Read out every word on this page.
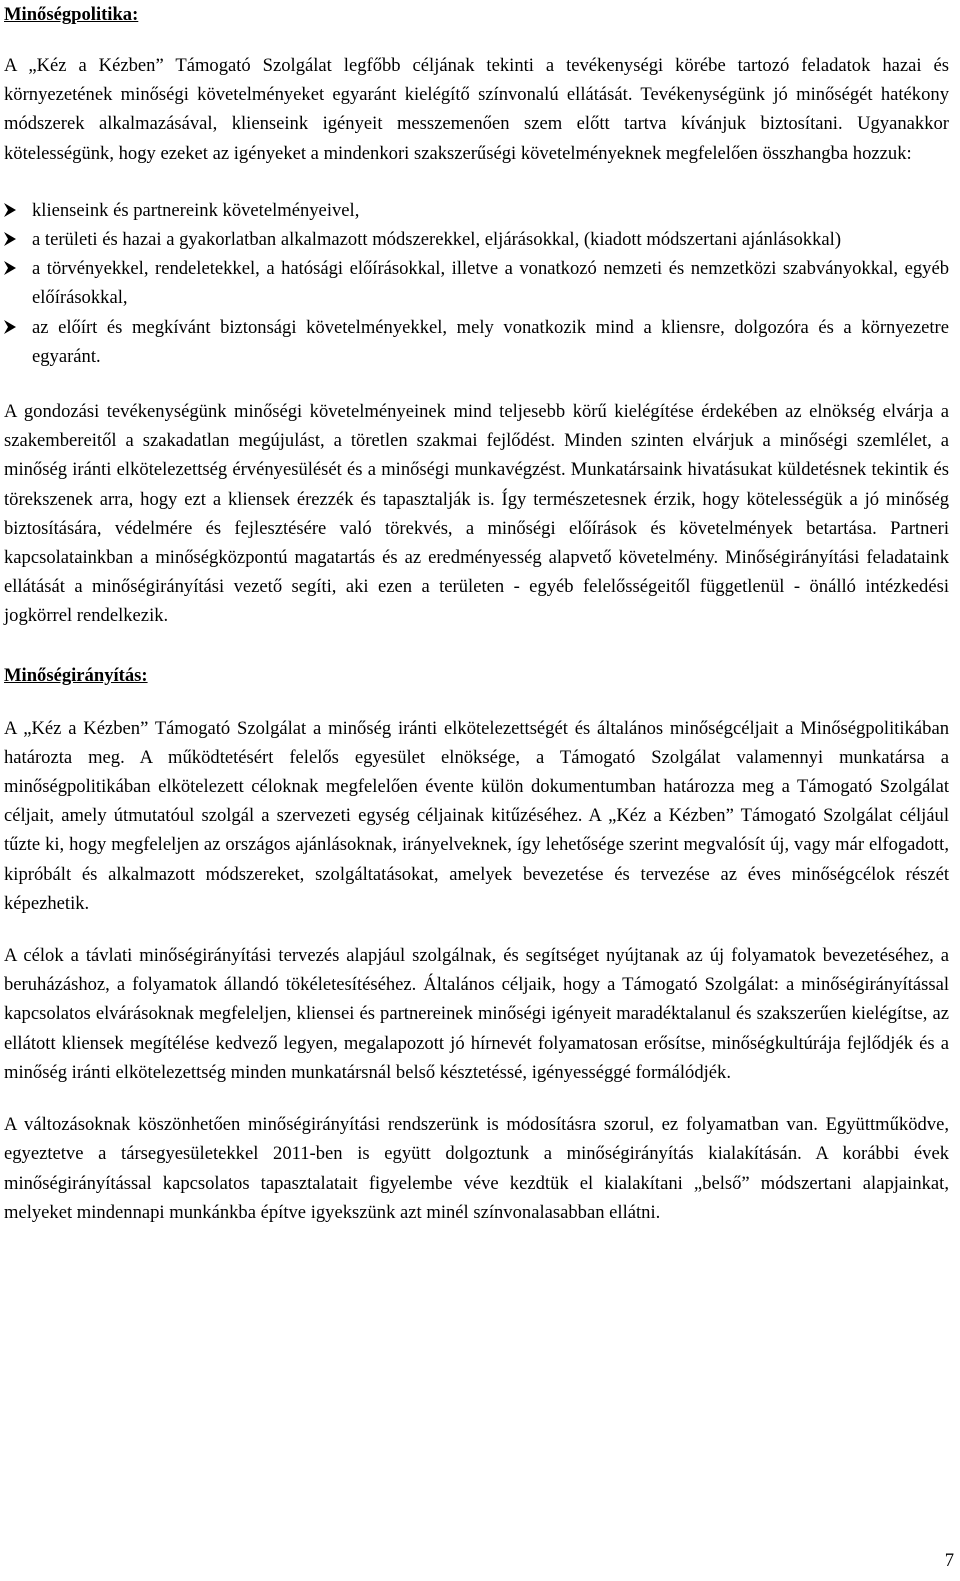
Minőségpolitika:

A „Kéz a Kézben” Támogató Szolgálat legfőbb céljának tekinti a tevékenységi körébe tartozó feladatok hazai és környezetének minőségi követelményeket egyaránt kielégítő színvonalú ellátását. Tevékenységünk jó minőségét hatékony módszerek alkalmazásával, klienseink igényeit messzemenően szem előtt tartva kívánjuk biztosítani. Ugyanakkor kötelességünk, hogy ezeket az igényeket a mindenkori szakszerűségi követelményeknek megfelelően összhangba hozzuk:

klienseink és partnereink követelményeivel,
a területi és hazai a gyakorlatban alkalmazott módszerekkel, eljárásokkal, (kiadott módszertani ajánlásokkal)
a törvényekkel, rendeletekkel, a hatósági előírásokkal, illetve a vonatkozó nemzeti és nemzetközi szabványokkal, egyéb előírásokkal,
az előírt és megkívánt biztonsági követelményekkel, mely vonatkozik mind a kliensre, dolgozóra és a környezetre egyaránt.

A gondozási tevékenységünk minőségi követelményeinek mind teljesebb körű kielégítése érdekében az elnökség elvárja a szakembereitől a szakadatlan megújulást, a töretlen szakmai fejlődést. Minden szinten elvárjuk a minőségi szemlélet, a minőség iránti elkötelezettség érvényesülését és a minőségi munkavégzést. Munkatársaink hivatásukat küldetésnek tekintik és törekszenek arra, hogy ezt a kliensek érezzék és tapasztalják is. Így természetesnek érzik, hogy kötelességük a jó minőség biztosítására, védelmére és fejlesztésére való törekvés, a minőségi előírások és követelmények betartása. Partneri kapcsolatainkban a minőségközpontú magatartás és az eredményesség alapvető követelmény. Minőségirányítási feladataink ellátását a minőségirányítási vezető segíti, aki ezen a területen - egyéb felelősségeitől függetlenül - önálló intézkedési jogkörrel rendelkezik.

Minőségirányítás:

A „Kéz a Kézben” Támogató Szolgálat a minőség iránti elkötelezettségét és általános minőségcéljait a Minőségpolitikában határozta meg. A működtetésért felelős egyesület elnöksége, a Támogató Szolgálat valamennyi munkatársa a minőségpolitikában elkötelezett céloknak megfelelően évente külön dokumentumban határozza meg a Támogató Szolgálat céljait, amely útmutatóul szolgál a szervezeti egység céljainak kitűzéséhez. A „Kéz a Kézben” Támogató Szolgálat céljául tűzte ki, hogy megfeleljen az országos ajánlásoknak, irányelveknek, így lehetősége szerint megvalósít új, vagy már elfogadott, kipróbált és alkalmazott módszereket, szolgáltatásokat, amelyek bevezetése és tervezése az éves minőségcélok részét képezhetik.

A célok a távlati minőségirányítási tervezés alapjául szolgálnak, és segítséget nyújtanak az új folyamatok bevezetéséhez, a beruházáshoz, a folyamatok állandó tökéletesítéséhez. Általános céljaik, hogy a Támogató Szolgálat: a minőségirányítással kapcsolatos elvárásoknak megfeleljen, kliensei és partnereinek minőségi igényeit maradéktalanul és szakszerűen kielégítse, az ellátott kliensek megítélése kedvező legyen, megalapozott jó hírnevét folyamatosan erősítse, minőségkultúrája fejlődjék és a minőség iránti elkötelezettség minden munkatársnál belső késztetéssé, igényességgé formálódjék.

A változásoknak köszönhetően minőségirányítási rendszerünk is módosításra szorul, ez folyamatban van. Együttműködve, egyeztetve a társegyesületekkel 2011-ben is együtt dolgoztunk a minőségirányítás kialakításán. A korábbi évek minőségirányítással kapcsolatos tapasztalatait figyelembe véve kezdtük el kialakítani „belső” módszertani alapjainkat, melyeket mindennapi munkánkba építve igyekszünk azt minél színvonalasabban ellátni.

7
